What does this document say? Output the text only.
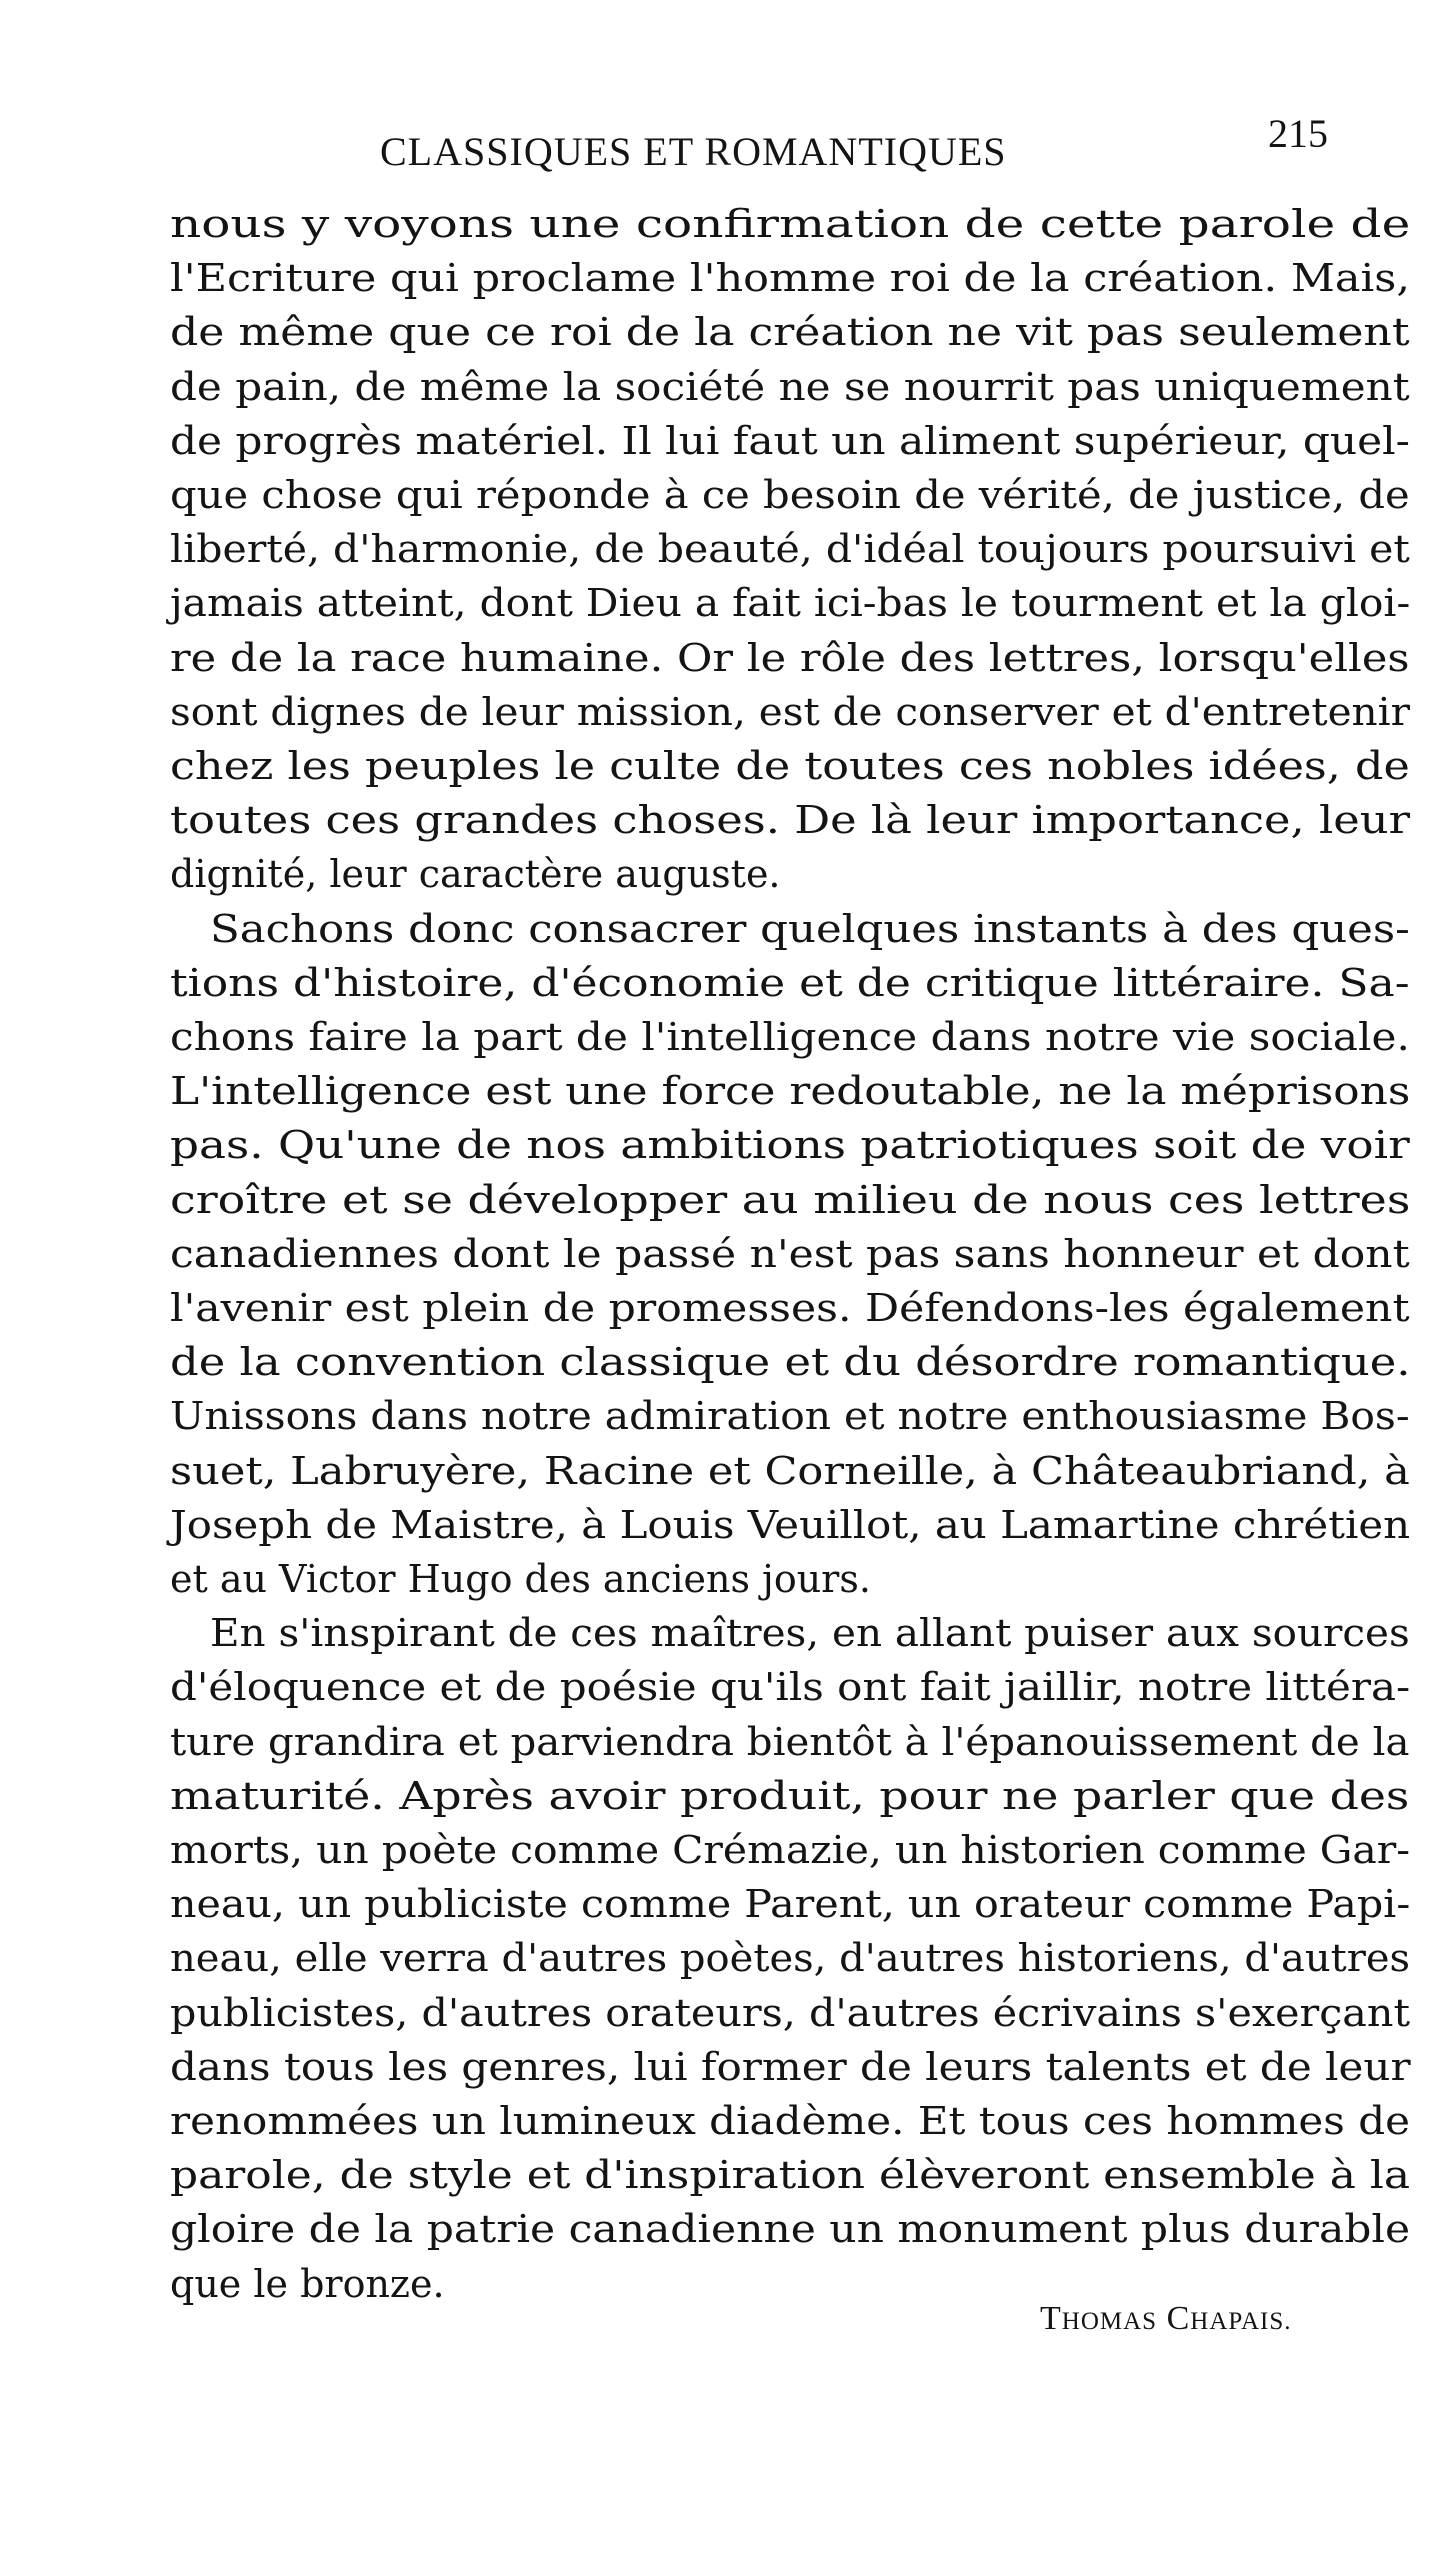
CLASSIQUES ET ROMANTIQUES	215
nous y voyons une confirmation de cette parole de
l'Ecriture qui proclame l'homme roi de la création. Mais,
de même que ce roi de la création ne vit pas seulement
de pain, de même la société ne se nourrit pas uniquement
de progrès matériel. Il lui faut un aliment supérieur, quel-
que chose qui réponde à ce besoin de vérité, de justice, de
liberté, d'harmonie, de beauté, d'idéal toujours poursuivi et
jamais atteint, dont Dieu a fait ici-bas le tourment et la gloi-
re de la race humaine. Or le rôle des lettres, lorsqu'elles
sont dignes de leur mission, est de conserver et d'entretenir
chez les peuples le culte de toutes ces nobles idées, de
toutes ces grandes choses. De là leur importance, leur
dignité, leur caractère auguste.
Sachons donc consacrer quelques instants à des ques-
tions d'histoire, d'économie et de critique littéraire. Sa-
chons faire la part de l'intelligence dans notre vie sociale.
L'intelligence est une force redoutable, ne la méprisons
pas. Qu'une de nos ambitions patriotiques soit de voir
croître et se développer au milieu de nous ces lettres
canadiennes dont le passé n'est pas sans honneur et dont
l'avenir est plein de promesses. Défendons-les également
de la convention classique et du désordre romantique.
Unissons dans notre admiration et notre enthousiasme Bos-
suet, Labruyère, Racine et Corneille, à Châteaubriand, à
Joseph de Maistre, à Louis Veuillot, au Lamartine chrétien
et au Victor Hugo des anciens jours.
En s'inspirant de ces maîtres, en allant puiser aux sources
d'éloquence et de poésie qu'ils ont fait jaillir, notre littéra-
ture grandira et parviendra bientôt à l'épanouissement de la
maturité. Après avoir produit, pour ne parler que des
morts, un poète comme Crémazie, un historien comme Gar-
neau, un publiciste comme Parent, un orateur comme Papi-
neau, elle verra d'autres poètes, d'autres historiens, d'autres
publicistes, d'autres orateurs, d'autres écrivains s'exerçant
dans tous les genres, lui former de leurs talents et de leur
renommées un lumineux diadème. Et tous ces hommes de
parole, de style et d'inspiration élèveront ensemble à la
gloire de la patrie canadienne un monument plus durable
que le bronze.
THOMAS CHAPAIS.
